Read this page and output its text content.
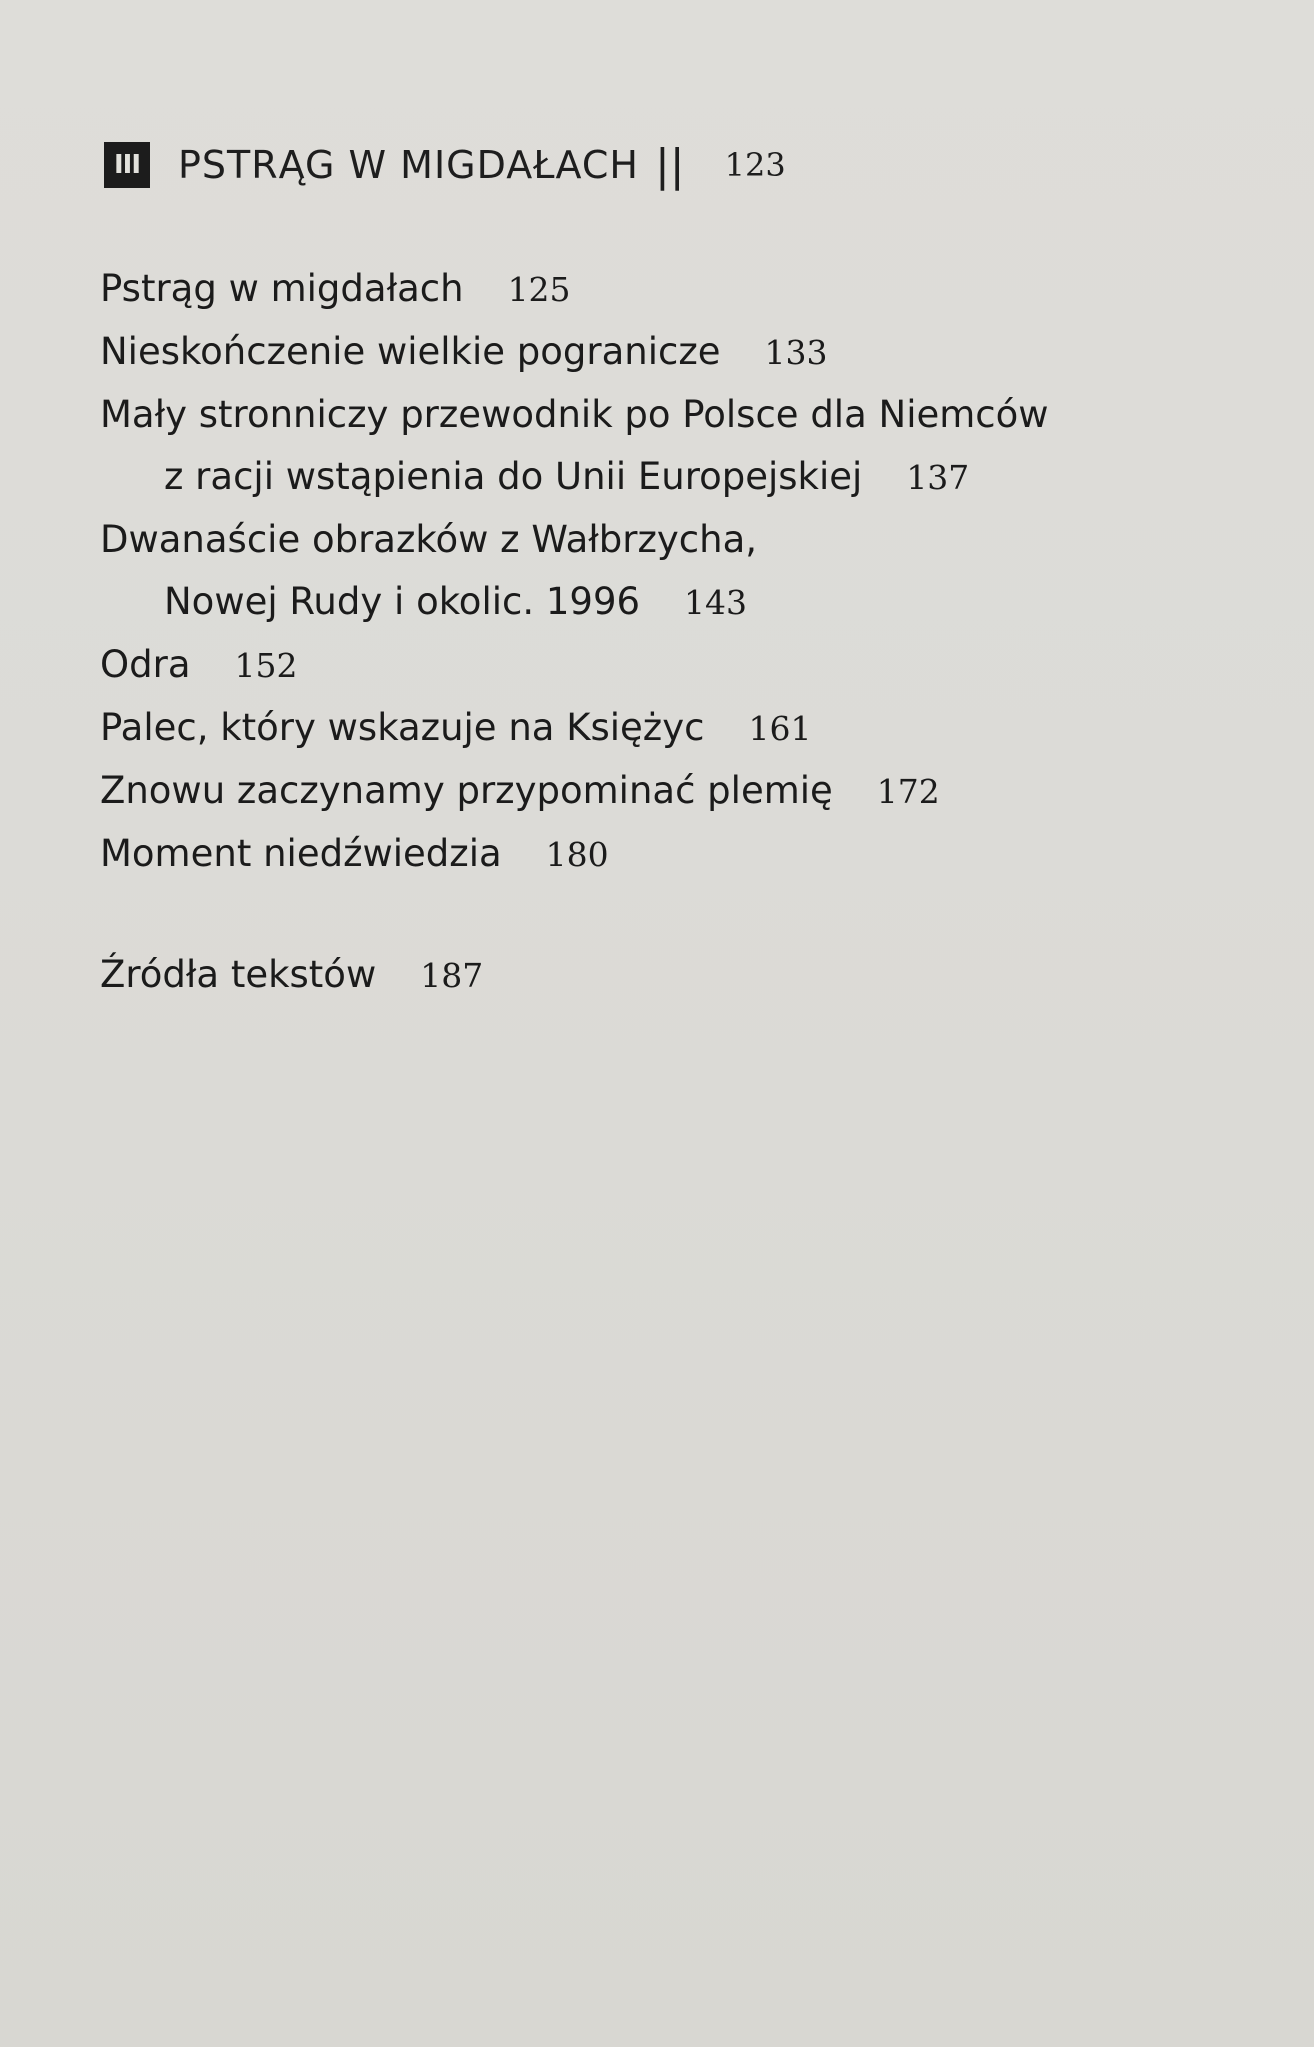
III PSTRĄG W MIGDAŁACH || 123
Pstrąg w migdałach 125
Nieskończenie wielkie pogranicze 133
Mały stronniczy przewodnik po Polsce dla Niemców
z racji wstąpienia do Unii Europejskiej 137
Dwanaście obrazków z Wałbrzycha,
Nowej Rudy i okolic. 1996 143
Odra 152
Palec, który wskazuje na Księżyc 161
Znowu zaczynamy przypominać plemię 172
Moment niedźwiedzia 180
Źródła tekstów 187
